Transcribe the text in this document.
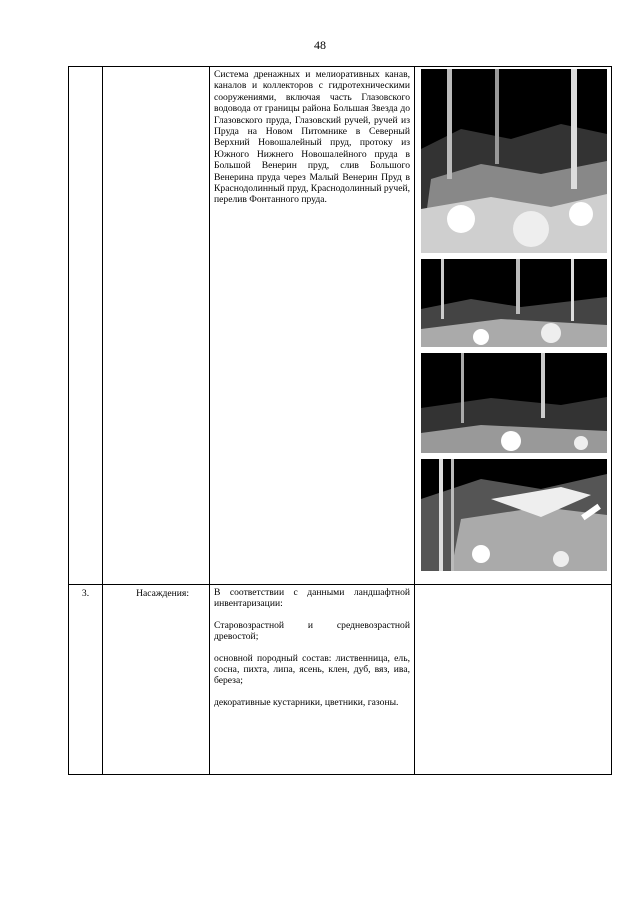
48

		Система дренажных и мелиоративных канав, каналов и коллекторов с гидротехническими сооружениями, включая часть Глазовского водовода от границы района Большая Звезда до Глазовского пруда, Глазовский ручей, ручей из Пруда на Новом Питомнике в Северный Верхний Новошалейный пруд, протоку из Южного Нижнего Новошалейного пруда в Большой Венерин пруд, слив Большого Венерина пруда через Малый Венерин Пруд в Краснодолинный пруд, Краснодолинный ручей, перелив Фонтанного пруда.

3.	Насаждения:	В соответствии с данными ландшафтной инвентаризации:

Старовозрастной и средневозрастной древостой;

основной породный состав: лиственница, ель, сосна, пихта, липа, ясень, клен, дуб, вяз, ива, береза;

декоративные кустарники, цветники, газоны.	
